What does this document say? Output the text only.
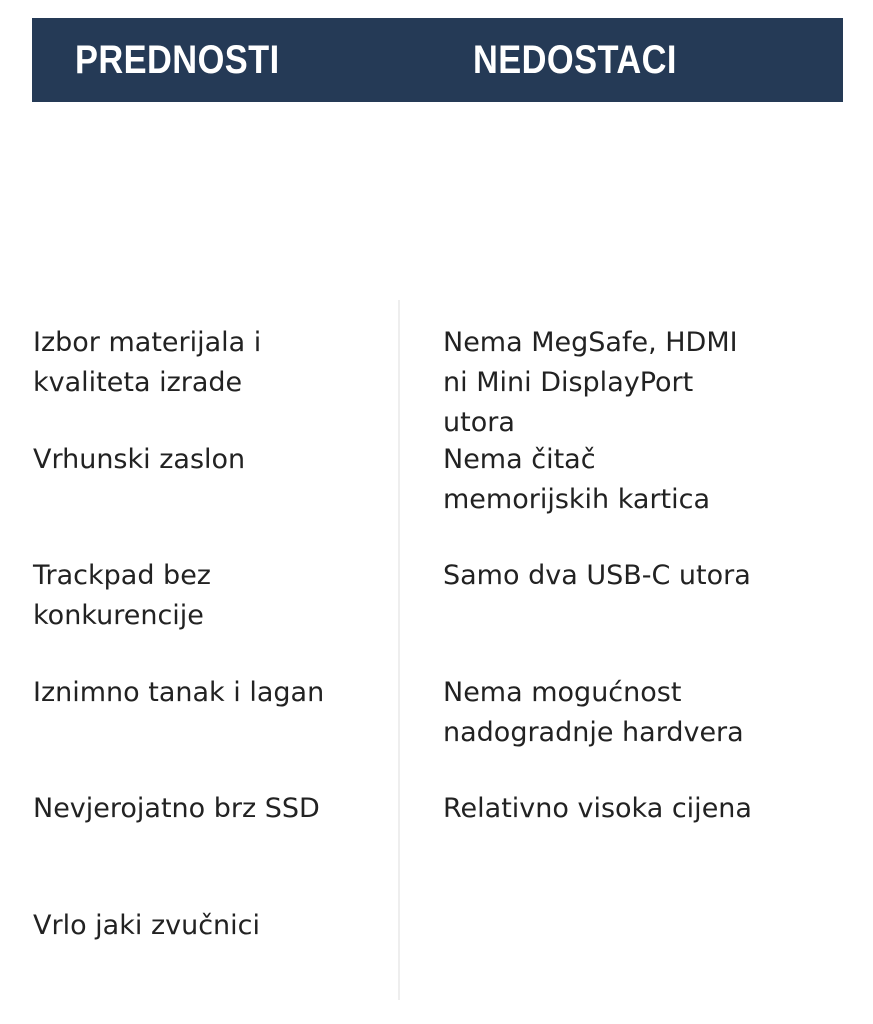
PREDNOSTI	NEDOSTACI
Izbor materijala i
kvaliteta izrade
Vrhunski zaslon
Trackpad bez
konkurencije
Iznimno tanak i lagan
Nevjerojatno brz SSD
Vrlo jaki zvučnici
Nema MegSafe, HDMI
ni Mini DisplayPort
utora
Nema čitač
memorijskih kartica
Samo dva USB-C utora
Nema mogućnost
nadogradnje hardvera
Relativno visoka cijena
